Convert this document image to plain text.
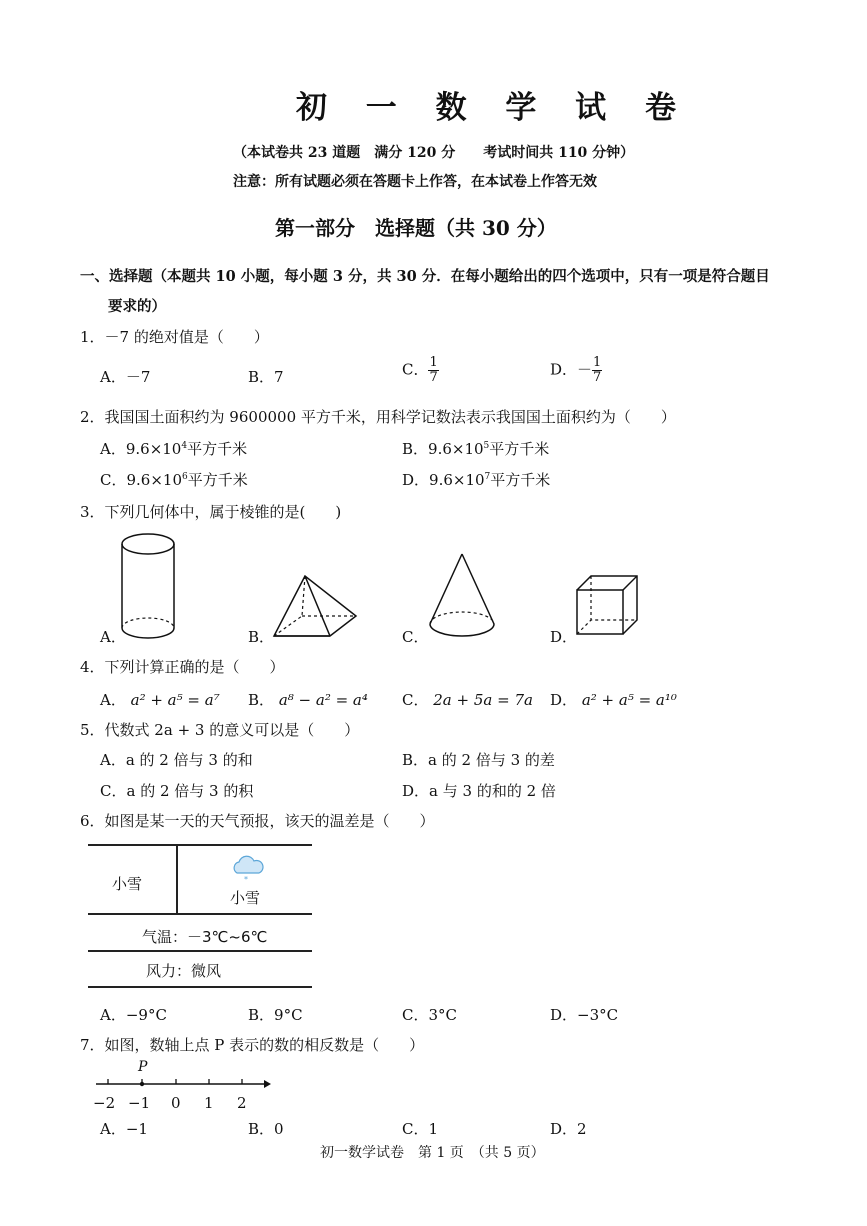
初 一 数 学 试 卷
（本试卷共 23 道题　满分 120 分　　考试时间共 110 分钟）
注意：所有试题必须在答题卡上作答，在本试卷上作答无效
第一部分　选择题（共 30 分）
一、选择题（本题共 10 小题，每小题 3 分，共 30 分．在每小题给出的四个选项中，只有一项是符合题目
要求的）
1．－7 的绝对值是（　　）
A．－7	B．7	C． $\frac{1}{7}$	D．－ $\frac{1}{7}$
2．我国国土面积约为 9600000 平方千米，用科学记数法表示我国国土面积约为（　　）
A．$9.6\times 10^4$平方千米	B．$9.6\times 10^5$平方千米
C．$9.6\times 10^6$平方千米	D．$9.6\times 10^7$平方千米
3．下列几何体中，属于棱锥的是(　　)
A．	B．	C．	D．
4．下列计算正确的是（　　）
A． a² + a⁵ = a⁷ B． a⁸ − a² = a⁴ C． 2a + 5a = 7a D． a² + a⁵ = a¹⁰
5．代数式 2a + 3 的意义可以是（　　）
A．a 的 2 倍与 3 的和	B．a 的 2 倍与 3 的差
C．a 的 2 倍与 3 的积	D．a 与 3 的和的 2 倍
6．如图是某一天的天气预报，该天的温差是（　　）
小雪	*
小雪
气温：－3℃~6℃
风力：微风
A．−9°C	B．9°C	C．3°C	D．−3°C
7．如图，数轴上点 P 表示的数的相反数是（　　）
P
−2 −1 0 1 2
A．−1	B．0	C．1	D．2
初一数学试卷　第 1 页　（共 5 页）
